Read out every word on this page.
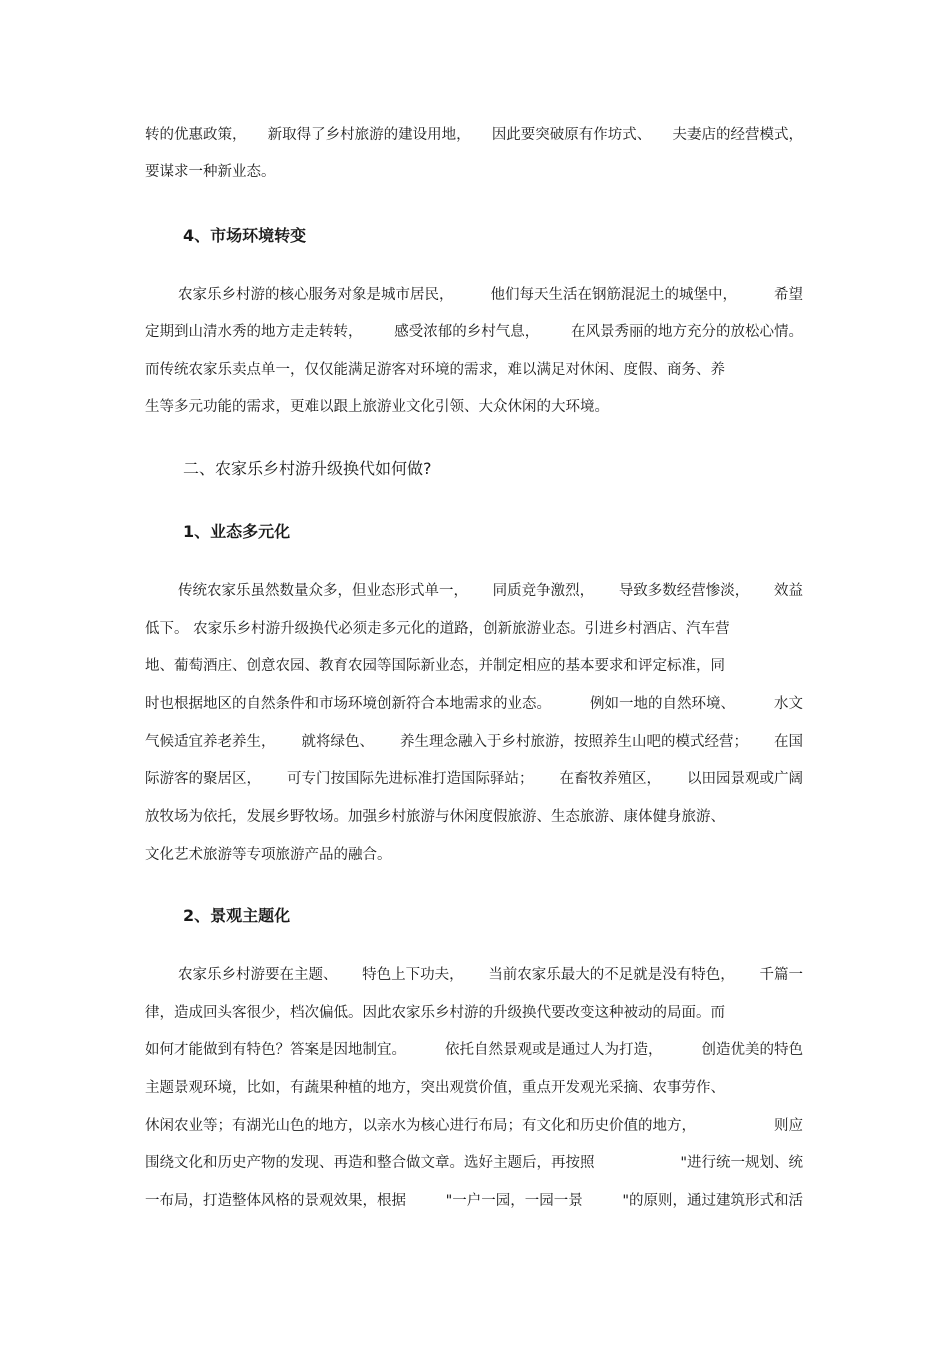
转的优惠政策， 新取得了乡村旅游的建设用地， 因此要突破原有作坊式、 夫妻店的经营模式，

要谋求一种新业态。

4、市场环境转变
农家乐乡村游的核心服务对象是城市居民，	他们每天生活在钢筋混泥土的城堡中，	希望
定期到山清水秀的地方走走转转， 感受浓郁的乡村气息， 在风景秀丽的地方充分的放松心情。

而传统农家乐卖点单一，仅仅能满足游客对环境的需求，难以满足对休闲、度假、商务、养

生等多元功能的需求，更难以跟上旅游业文化引领、大众休闲的大环境。

二、农家乐乡村游升级换代如何做?
1、业态多元化
传统农家乐虽然数量众多，但业态形式单一， 同质竞争激烈， 导致多数经营惨淡， 效益

低下。 农家乐乡村游升级换代必须走多元化的道路，创新旅游业态。引进乡村酒店、汽车营

地、葡萄酒庄、创意农园、教育农园等国际新业态，并制定相应的基本要求和评定标准，同

时也根据地区的自然条件和市场环境创新符合本地需求的业态。	例如一地的自然环境、	水文
气候适宜养老养生， 就将绿色、 养生理念融入于乡村旅游，按照养生山吧的模式经营； 在国
际游客的聚居区， 可专门按国际先进标准打造国际驿站； 在畜牧养殖区， 以田园景观或广阔

放牧场为依托，发展乡野牧场。加强乡村旅游与休闲度假旅游、生态旅游、康体健身旅游、

文化艺术旅游等专项旅游产品的融合。

2、景观主题化
农家乐乡村游要在主题、 特色上下功夫， 当前农家乐最大的不足就是没有特色， 千篇一

律，造成回头客很少，档次偏低。因此农家乐乡村游的升级换代要改变这种被动的局面。而

如何才能做到有特色？答案是因地制宜。	依托自然景观或是通过人为打造，	创造优美的特色

主题景观环境，比如，有蔬果种植的地方，突出观赏价值，重点开发观光采摘、农事劳作、

休闲农业等；有湖光山色的地方，以亲水为核心进行布局；有文化和历史价值的地方，	则应
围绕文化和历史产物的发现、再造和整合做文章。选好主题后，再按照	"进行统一规划、统
一布局，打造整体风格的景观效果，根据	"一户一园，一园一景	"的原则，通过建筑形式和活
